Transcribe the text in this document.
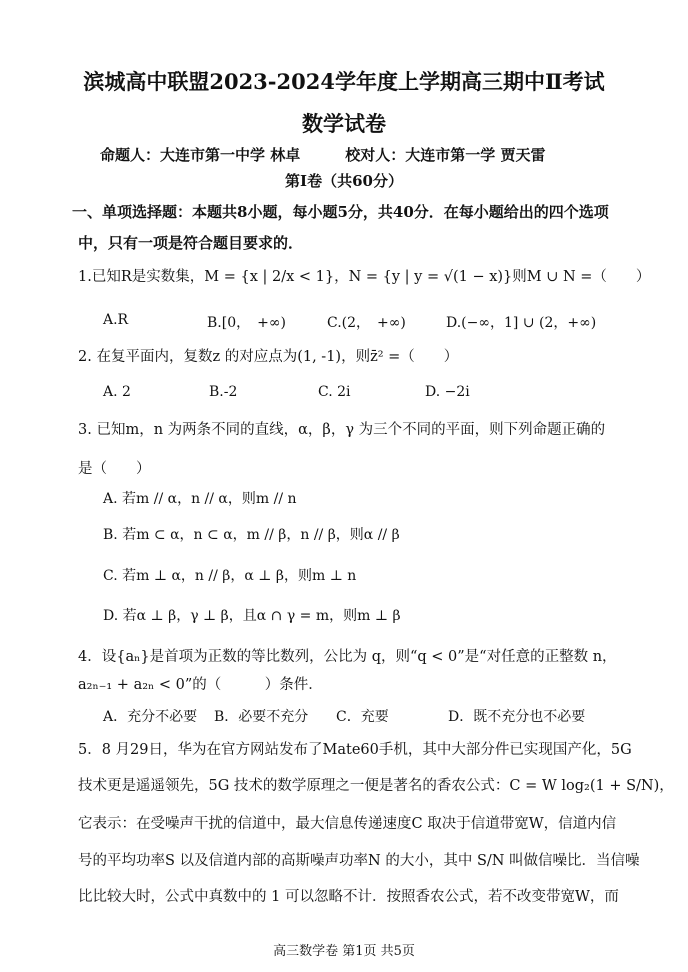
滨城高中联盟2023-2024学年度上学期高三期中Ⅱ考试
数学试卷
命题人：大连市第一中学 林卓　　　校对人：大连市第一学 贾天雷
第Ⅰ卷（共60分）
一、单项选择题：本题共8小题，每小题5分，共40分．在每小题给出的四个选项
中，只有一项是符合题目要求的．
1.已知R是实数集，M = {x | 2/x < 1}，N = {y | y = √(1 − x)}则M ∪ N =（　　）
A.R	B.[0，　+∞)	C.(2，　+∞)	D.(−∞，1] ∪ (2，+∞)
2. 在复平面内，复数z 的对应点为(1, -1)，则z̄² =（　　）
A. 2	B.-2	C. 2i	D. −2i
3. 已知m，n 为两条不同的直线，α，β，γ 为三个不同的平面，则下列命题正确的
是（　　）
A. 若m // α，n // α，则m // n
B. 若m ⊂ α，n ⊂ α，m // β，n // β，则α // β
C. 若m ⊥ α，n // β，α ⊥ β，则m ⊥ n
D. 若α ⊥ β，γ ⊥ β，且α ∩ γ = m，则m ⊥ β
4．设{aₙ}是首项为正数的等比数列，公比为 q，则“q < 0”是“对任意的正整数 n，
a₂ₙ₋₁ + a₂ₙ < 0”的（　　　）条件．
A．充分不必要 B．必要不充分 C．充要	D．既不充分也不必要
5．8 月29日，华为在官方网站发布了Mate60手机，其中大部分件已实现国产化，5G
技术更是遥遥领先，5G 技术的数学原理之一便是著名的香农公式：C = W log₂(1 + S/N)，
它表示：在受噪声干扰的信道中，最大信息传递速度C 取决于信道带宽W，信道内信
号的平均功率S 以及信道内部的高斯噪声功率N 的大小，其中 S/N 叫做信噪比．当信噪
比比较大时，公式中真数中的 1 可以忽略不计．按照香农公式，若不改变带宽W，而
高三数学卷 第1页 共5页
